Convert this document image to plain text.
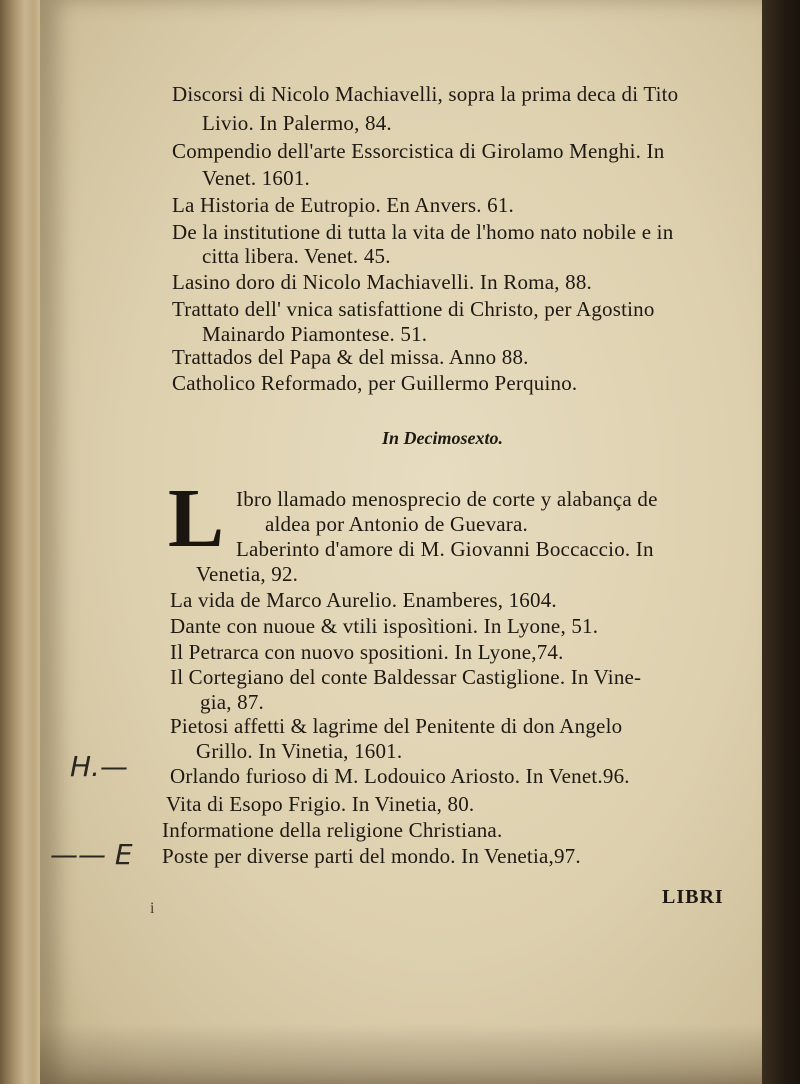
Discorsi di Nicolo Machiavelli, sopra la prima deca di Tito
Livio. In Palermo, 84.
Compendio dell'arte Essorcistica di Girolamo Menghi. In
Venet. 1601.
La Historia de Eutropio. En Anvers. 61.
De la institutione di tutta la vita de l'homo nato nobile e in
citta libera. Venet. 45.
Lasino doro di Nicolo Machiavelli. In Roma, 88.
Trattato dell' vnica satisfattione di Christo, per Agostino
Mainardo Piamontese. 51.
Trattados del Papa & del missa. Anno 88.
Catholico Reformado, per Guillermo Perquino.
In Decimosexto.
L Ibro llamado menosprecio de corte y alabança de
aldea por Antonio de Guevara.
Laberinto d'amore di M. Giovanni Boccaccio. In
Venetia, 92.
La vida de Marco Aurelio. Enamberes, 1604.
Dante con nuoue & vtili isposìtioni. In Lyone, 51.
Il Petrarca con nuovo spositioni. In Lyone,74.
Il Cortegiano del conte Baldessar Castiglione. In Vine-
gia, 87.
Pietosi affetti & lagrime del Penitente di don Angelo
Grillo. In Vinetia, 1601.
Orlando furioso di M. Lodouico Ariosto. In Venet.96.
Vita di Esopo Frigio. In Vinetia, 80.
Informatione della religione Christiana.
Poste per diverse parti del mondo. In Venetia,97.
i
LIBRI
H.—
—— E
